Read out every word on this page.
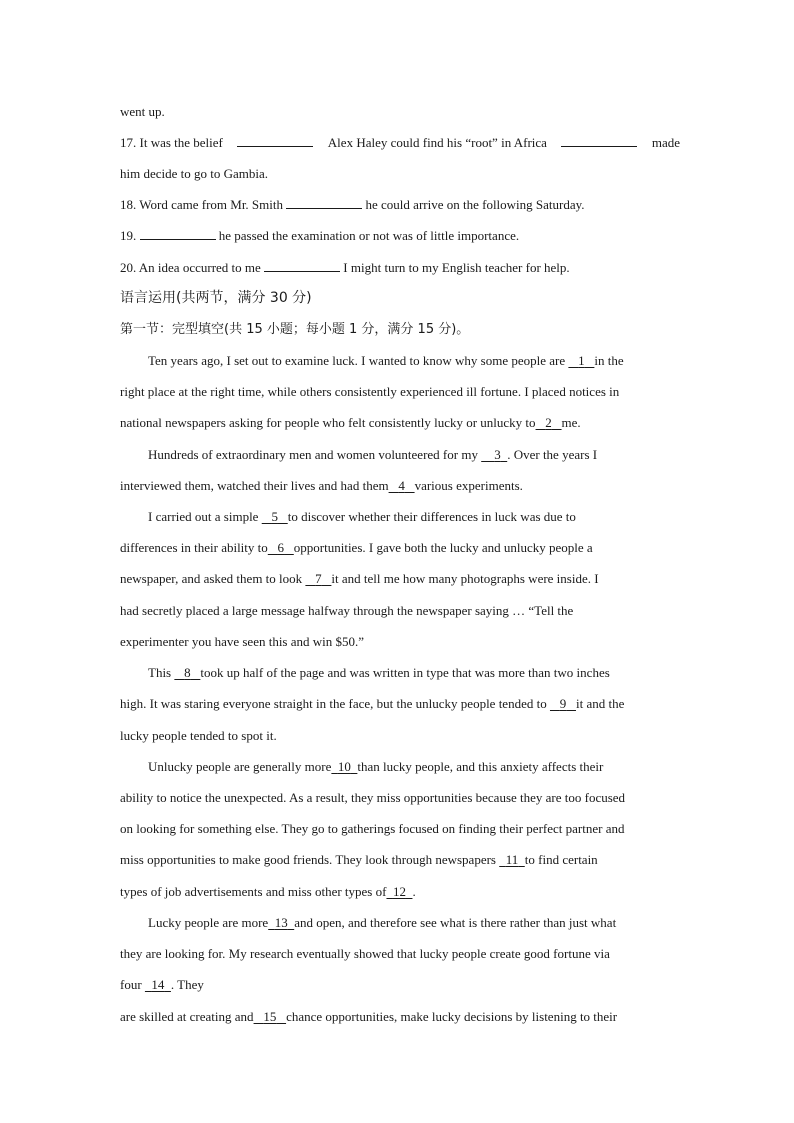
went up.
17. It was the belief	Alex Haley could find his “root” in Africa	made
him decide to go to Gambia.
18. Word came from Mr. Smith	he could arrive on the following Saturday.
19.	he passed the examination or not was of little importance.
20. An idea occurred to me	I might turn to my English teacher for help.
语言运用(共两节，满分 30 分)
第一节：完型填空(共 15 小题；每小题 1 分，满分 15 分)。
Ten years ago, I set out to examine luck. I wanted to know why some people are 1 in the
right place at the right time, while others consistently experienced ill fortune. I placed notices in
national newspapers asking for people who felt consistently lucky or unlucky to 2 me.
Hundreds of extraordinary men and women volunteered for my 3 . Over the years I
interviewed them, watched their lives and had them 4 various experiments.
I carried out a simple 5 to discover whether their differences in luck was due to
differences in their ability to 6 opportunities. I gave both the lucky and unlucky people a
newspaper, and asked them to look 7 it and tell me how many photographs were inside. I
had secretly placed a large message halfway through the newspaper saying … “Tell the
experimenter you have seen this and win $50.”
This 8 took up half of the page and was written in type that was more than two inches
high. It was staring everyone straight in the face, but the unlucky people tended to 9 it and the
lucky people tended to spot it.
Unlucky people are generally more 10 than lucky people, and this anxiety affects their
ability to notice the unexpected. As a result, they miss opportunities because they are too focused
on looking for something else. They go to gatherings focused on finding their perfect partner and
miss opportunities to make good friends. They look through newspapers 11 to find certain
types of job advertisements and miss other types of 12 .
Lucky people are more 13 and open, and therefore see what is there rather than just what
they are looking for. My research eventually showed that lucky people create good fortune via
four 14 . They
are skilled at creating and 15 chance opportunities, make lucky decisions by listening to their
